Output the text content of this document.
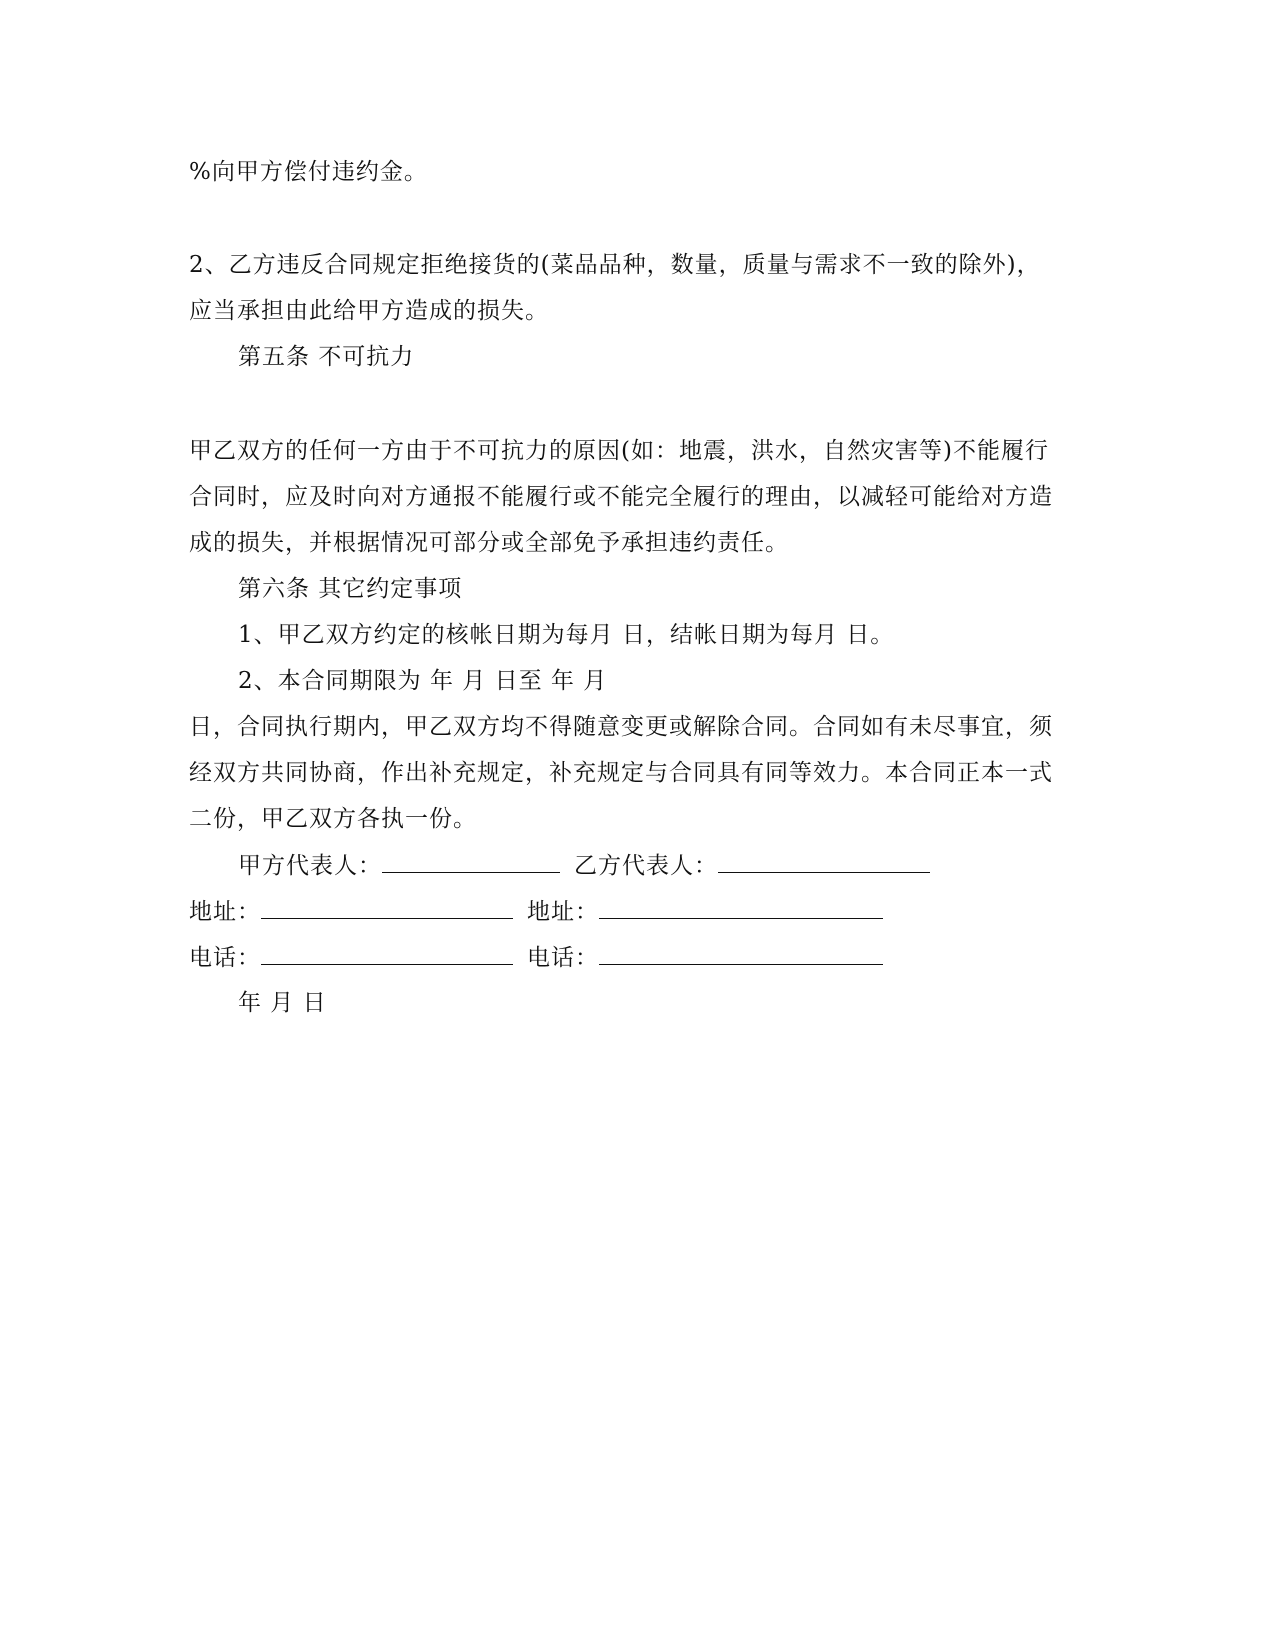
%向甲方偿付违约金。
2、乙方违反合同规定拒绝接货的(菜品品种，数量，质量与需求不一致的除外)，
应当承担由此给甲方造成的损失。
第五条 不可抗力
甲乙双方的任何一方由于不可抗力的原因(如：地震，洪水，自然灾害等)不能履行
合同时，应及时向对方通报不能履行或不能完全履行的理由，以减轻可能给对方造
成的损失，并根据情况可部分或全部免予承担违约责任。
第六条 其它约定事项
1、甲乙双方约定的核帐日期为每月 日，结帐日期为每月 日。
2、本合同期限为 年 月 日至 年 月
日，合同执行期内，甲乙双方均不得随意变更或解除合同。合同如有未尽事宜，须
经双方共同协商，作出补充规定，补充规定与合同具有同等效力。本合同正本一式
二份，甲乙双方各执一份。
甲方代表人：	乙方代表人：
地址：	地址：
电话：	电话：
年 月 日
